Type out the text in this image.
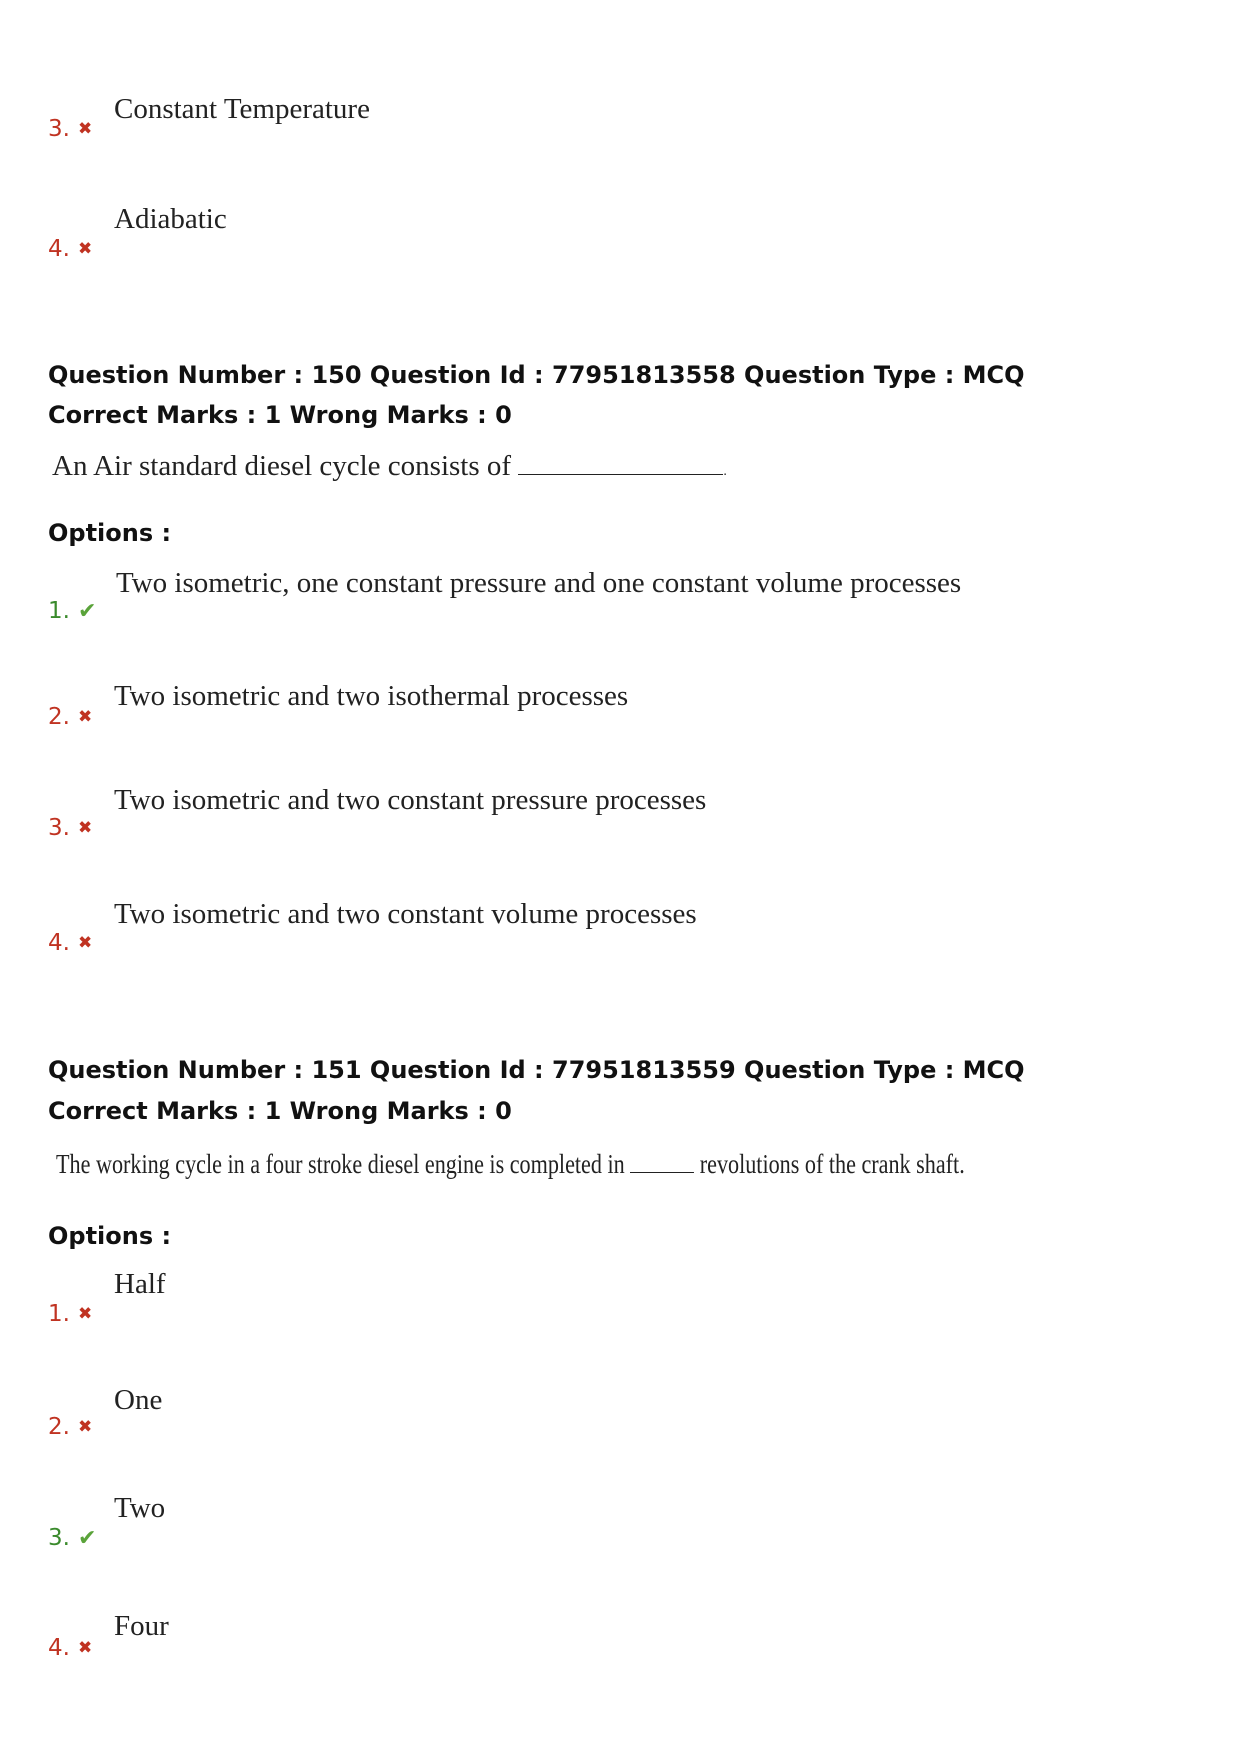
3. ✖
Constant Temperature
4. ✖
Adiabatic
Question Number : 150 Question Id : 77951813558 Question Type : MCQ
Correct Marks : 1 Wrong Marks : 0
An Air standard diesel cycle consists of	.
Options :
1. ✔
Two isometric, one constant pressure and one constant volume processes
2. ✖
Two isometric and two isothermal processes
3. ✖
Two isometric and two constant pressure processes
4. ✖
Two isometric and two constant volume processes
Question Number : 151 Question Id : 77951813559 Question Type : MCQ
Correct Marks : 1 Wrong Marks : 0
The working cycle in a four stroke diesel engine is completed in	revolutions of the crank shaft.
Options :
1. ✖
Half
2. ✖
One
3. ✔
Two
4. ✖
Four
